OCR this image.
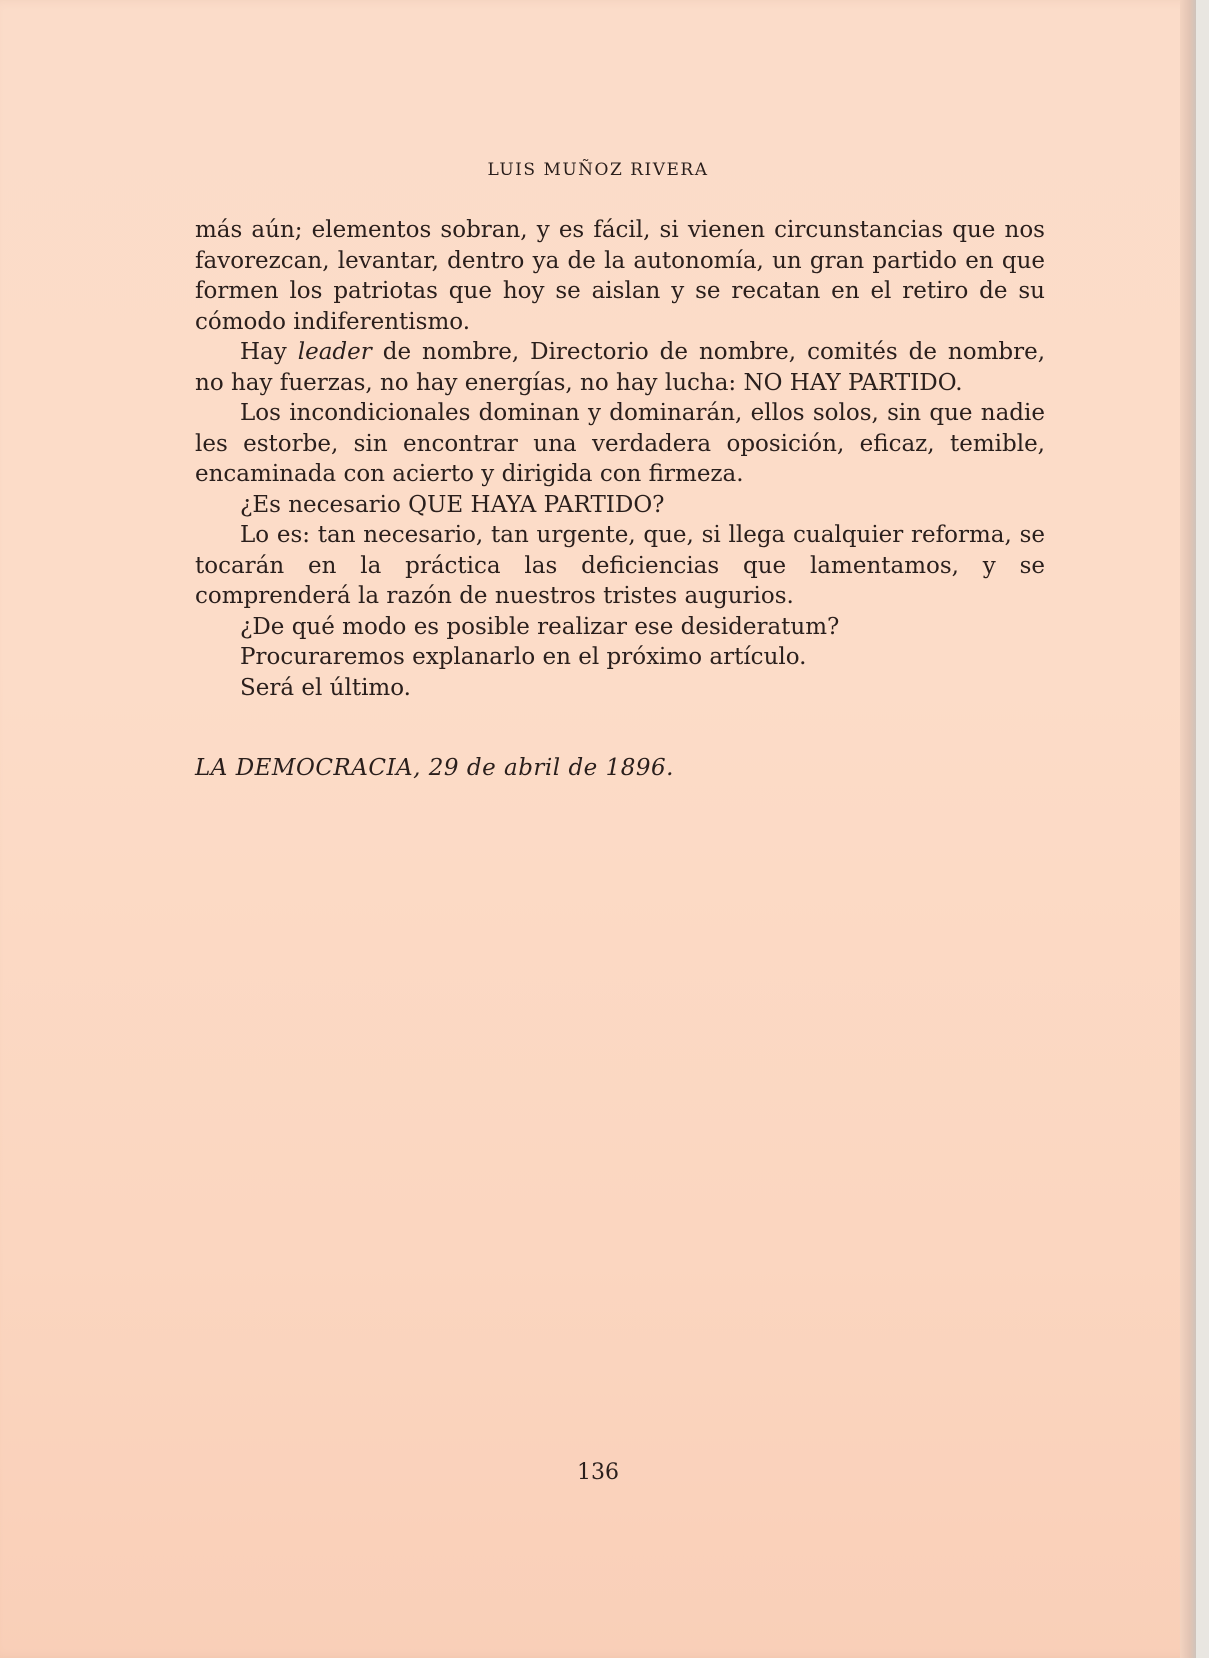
LUIS MUÑOZ RIVERA

más aún; elementos sobran, y es fácil, si vienen circunstancias que nos favorezcan, levantar, dentro ya de la autonomía, un gran partido en que formen los patriotas que hoy se aislan y se recatan en el retiro de su cómodo indiferentismo.

Hay leader de nombre, Directorio de nombre, comités de nombre, no hay fuerzas, no hay energías, no hay lucha: NO HAY PARTIDO.

Los incondicionales dominan y dominarán, ellos solos, sin que nadie les estorbe, sin encontrar una verdadera oposición, eficaz, temible, encaminada con acierto y dirigida con firmeza.

¿Es necesario QUE HAYA PARTIDO?

Lo es: tan necesario, tan urgente, que, si llega cualquier reforma, se tocarán en la práctica las deficiencias que lamentamos, y se comprenderá la razón de nuestros tristes augurios.

¿De qué modo es posible realizar ese desideratum?

Procuraremos explanarlo en el próximo artículo.

Será el último.

LA DEMOCRACIA, 29 de abril de 1896.
136
